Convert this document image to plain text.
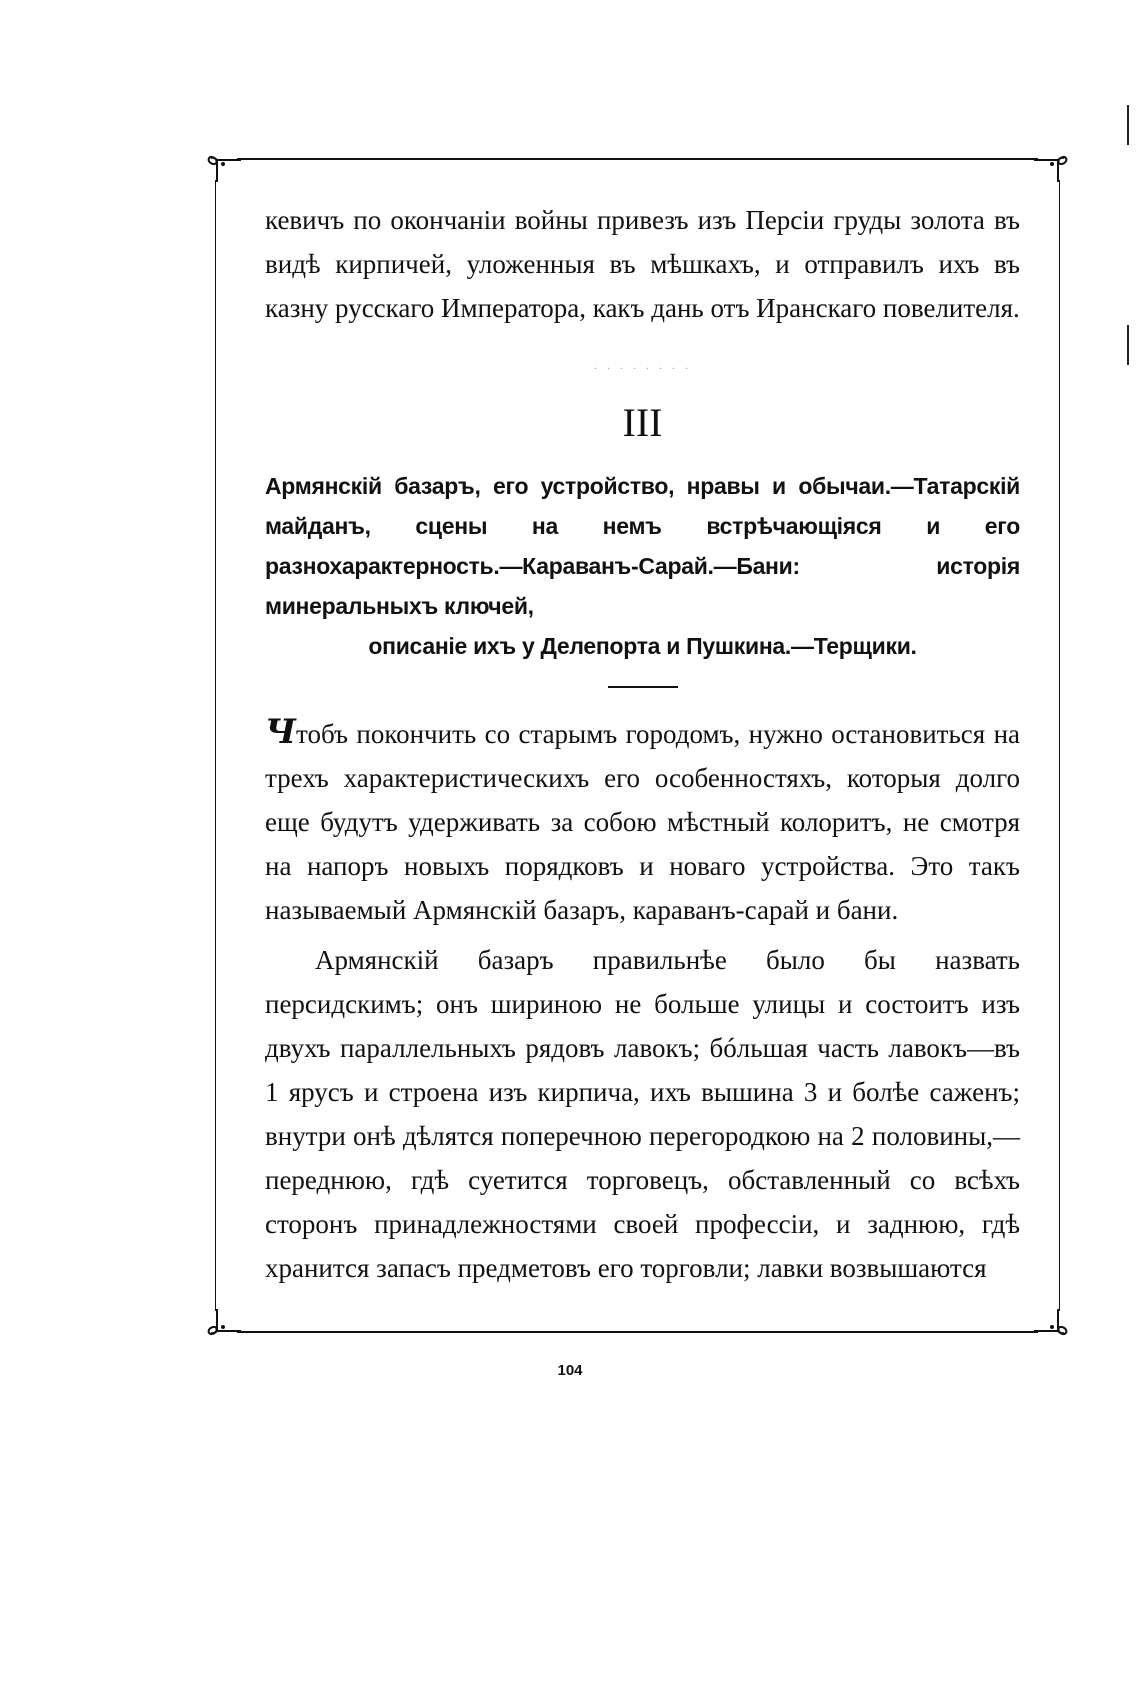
кевичъ по окончаніи войны привезъ изъ Персіи груды золота въ видѣ кирпичей, уложенныя въ мѣшкахъ, и отправилъ ихъ въ казну русскаго Императора, какъ дань отъ Иранскаго повелителя.

· · · · · · · ·
III
Армянскій базаръ, его устройство, нравы и обычаи.—Татарскій майданъ, сцены на немъ встрѣчающіяся и его разнохарактерность.—Караванъ-Сарай.—Бани: исторія минеральныхъ ключей,
описаніе ихъ у Делепорта и Пушкина.—Терщики.

Чтобъ покончить со старымъ городомъ, нужно остановиться на трехъ характеристическихъ его особенностяхъ, которыя долго еще будутъ удерживать за собою мѣстный колоритъ, не смотря на напоръ новыхъ порядковъ и новаго устройства. Это такъ называемый Армянскій базаръ, караванъ-сарай и бани.

Армянскій базаръ правильнѣе было бы назвать персидскимъ; онъ шириною не больше улицы и состоитъ изъ двухъ параллельныхъ рядовъ лавокъ; бóльшая часть лавокъ—въ 1 ярусъ и строена изъ кирпича, ихъ вышина 3 и болѣе саженъ; внутри онѣ дѣлятся поперечною перегородкою на 2 половины,—переднюю, гдѣ суетится торговецъ, обставленный со всѣхъ сторонъ принадлежностями своей профессіи, и заднюю, гдѣ хранится запасъ предметовъ его торговли; лавки возвышаются

104
